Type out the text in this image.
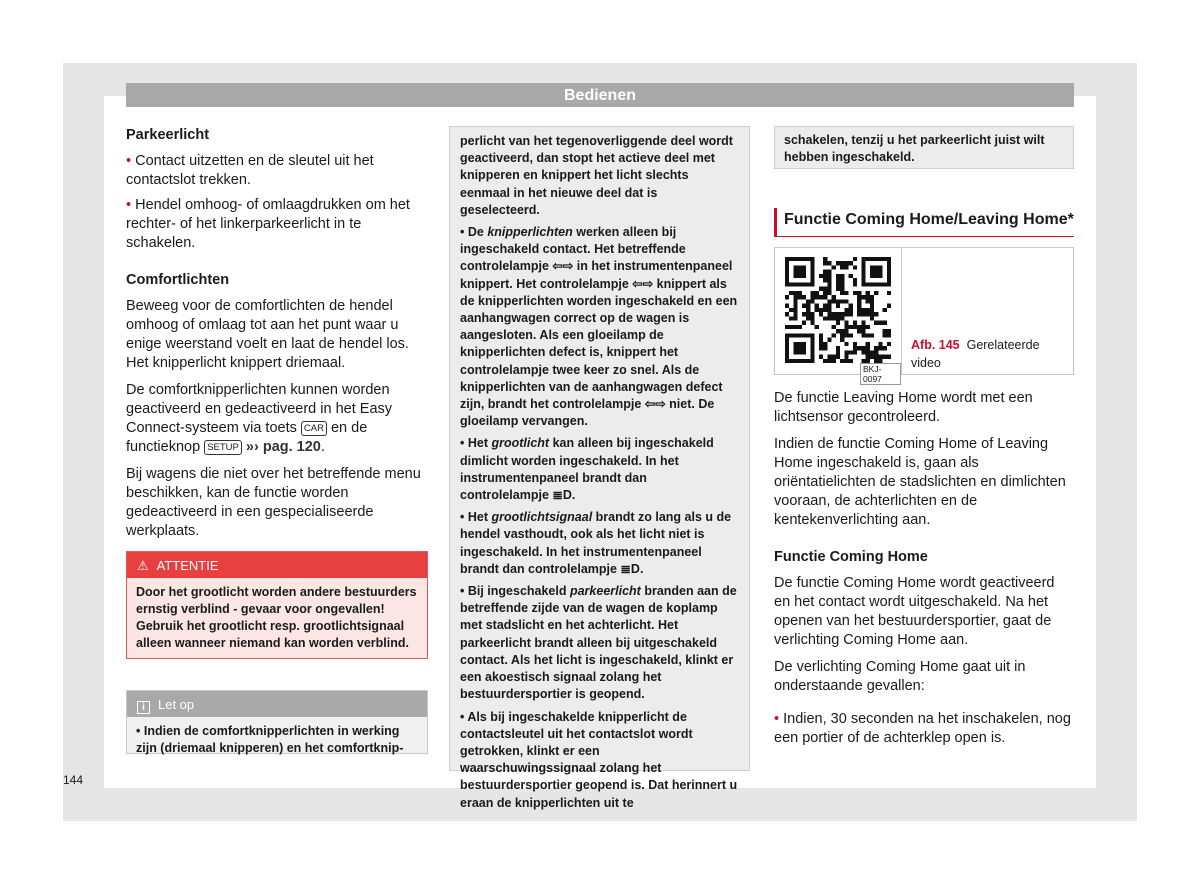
Bedienen
Parkeerlicht

• Contact uitzetten en de sleutel uit het contactslot trekken.

• Hendel omhoog- of omlaagdrukken om het rechter- of het linkerparkeerlicht in te schakelen.

Comfortlichten

Beweeg voor de comfortlichten de hendel omhoog of omlaag tot aan het punt waar u enige weerstand voelt en laat de hendel los. Het knipperlicht knippert driemaal.

De comfortknipperlichten kunnen worden geactiveerd en gedeactiveerd in het Easy Connect-systeem via toets CAR en de functieknop SETUP »› pag. 120.

Bij wagens die niet over het betreffende menu beschikken, kan de functie worden gedeactiveerd in een gespecialiseerde werkplaats.

⚠ ATTENTIE
Door het grootlicht worden andere bestuurders ernstig verblind - gevaar voor ongevallen! Gebruik het grootlicht resp. grootlichtsignaal alleen wanneer niemand kan worden verblind.
i Let op
• Indien de comfortknipperlichten in werking zijn (driemaal knipperen) en het comfortknip-

perlicht van het tegenoverliggende deel wordt geactiveerd, dan stopt het actieve deel met knipperen en knippert het licht slechts eenmaal in het nieuwe deel dat is geselecteerd.

• De knipperlichten werken alleen bij ingeschakeld contact. Het betreffende controlelampje ⇦⇨ in het instrumentenpaneel knippert. Het controlelampje ⇦⇨ knippert als de knipperlichten worden ingeschakeld en een aanhangwagen correct op de wagen is aangesloten. Als een gloeilamp de knipperlichten defect is, knippert het controlelampje twee keer zo snel. Als de knipperlichten van de aanhangwagen defect zijn, brandt het controlelampje ⇦⇨ niet. De gloeilamp vervangen.

• Het grootlicht kan alleen bij ingeschakeld dimlicht worden ingeschakeld. In het instrumentenpaneel brandt dan controlelampje ≣D.

• Het grootlichtsignaal brandt zo lang als u de hendel vasthoudt, ook als het licht niet is ingeschakeld. In het instrumentenpaneel brandt dan controlelampje ≣D.

• Bij ingeschakeld parkeerlicht branden aan de betreffende zijde van de wagen de koplamp met stadslicht en het achterlicht. Het parkeerlicht brandt alleen bij uitgeschakeld contact. Als het licht is ingeschakeld, klinkt er een akoestisch signaal zolang het bestuurdersportier is geopend.

• Als bij ingeschakelde knipperlicht de contactsleutel uit het contactslot wordt getrokken, klinkt er een waarschuwingssignaal zolang het bestuurdersportier geopend is. Dat herinnert u eraan de knipperlichten uit te

schakelen, tenzij u het parkeerlicht juist wilt hebben ingeschakeld.
Functie Coming Home/Leaving Home*
BKJ-0097
Afb. 145 Gerelateerde video

De functie Leaving Home wordt met een lichtsensor gecontroleerd.

Indien de functie Coming Home of Leaving Home ingeschakeld is, gaan als oriëntatielichten de stadslichten en dimlichten vooraan, de achterlichten en de kentekenverlichting aan.

Functie Coming Home

De functie Coming Home wordt geactiveerd en het contact wordt uitgeschakeld. Na het openen van het bestuurdersportier, gaat de verlichting Coming Home aan.

De verlichting Coming Home gaat uit in onderstaande gevallen:

• Indien, 30 seconden na het inschakelen, nog een portier of de achterklep open is.

144
